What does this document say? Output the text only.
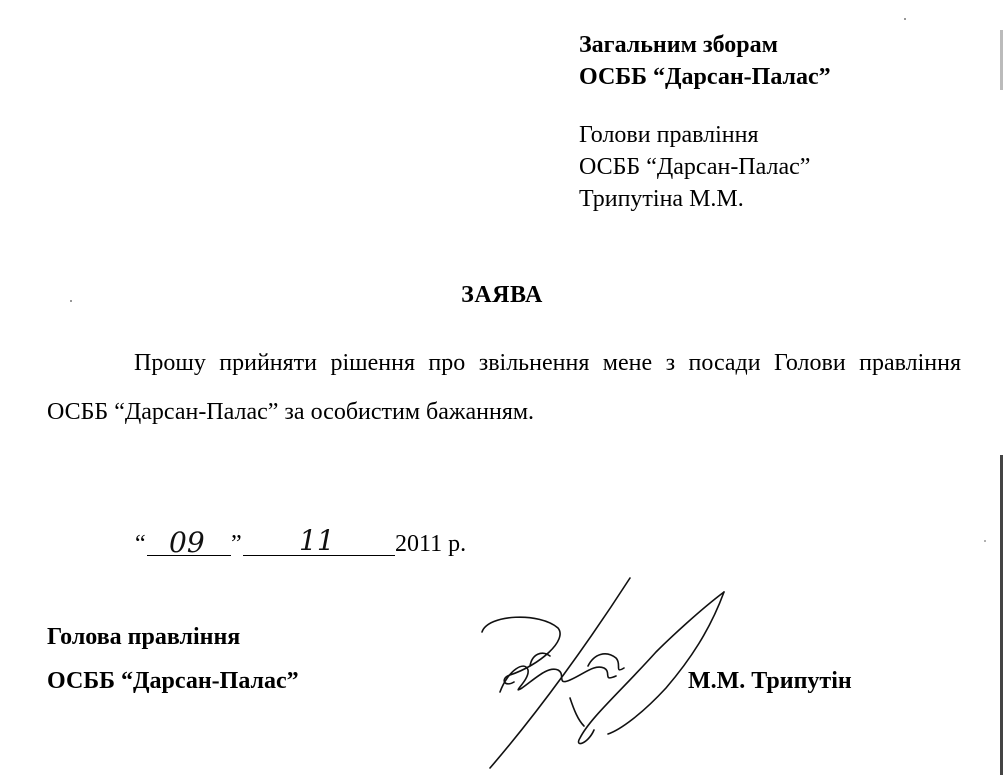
Загальним зборам
ОСББ “Дарсан-Палас”
Голови правління
ОСББ “Дарсан-Палас”
Трипутіна М.М.
ЗАЯВА
Прошу прийняти рішення про звільнення мене з посади Голови правління ОСББ “Дарсан-Палас” за особистим бажанням.
“ 09 ” 11	2011 р.
Голова правління
ОСББ “Дарсан-Палас”	М.М. Трипутін
